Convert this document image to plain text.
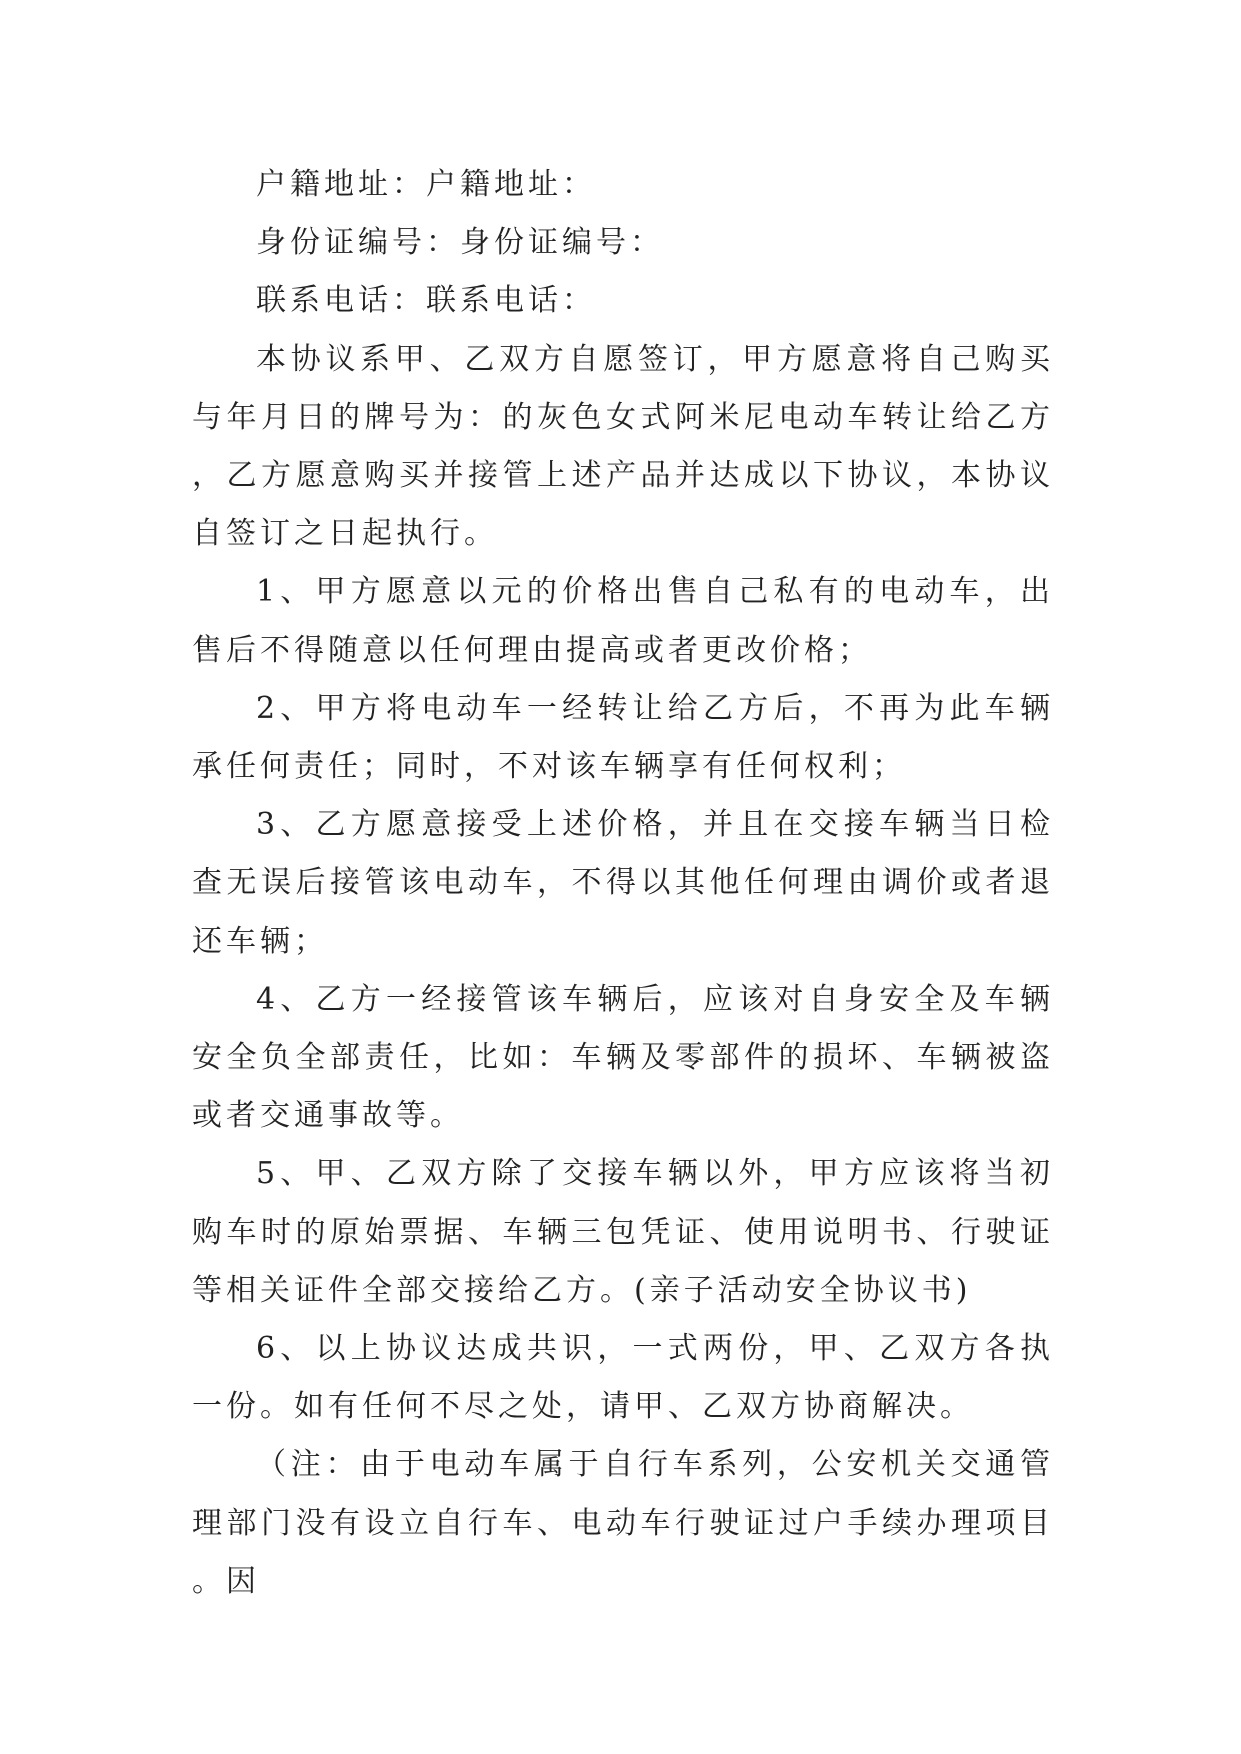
户籍地址：户籍地址：

身份证编号：身份证编号：

联系电话：联系电话：

本协议系甲、乙双方自愿签订，甲方愿意将自己购买与年月日的牌号为：的灰色女式阿米尼电动车转让给乙方，乙方愿意购买并接管上述产品并达成以下协议，本协议自签订之日起执行。

1、甲方愿意以元的价格出售自己私有的电动车，出售后不得随意以任何理由提高或者更改价格；

2、甲方将电动车一经转让给乙方后，不再为此车辆承任何责任；同时，不对该车辆享有任何权利；

3、乙方愿意接受上述价格，并且在交接车辆当日检查无误后接管该电动车，不得以其他任何理由调价或者退还车辆；

4、乙方一经接管该车辆后，应该对自身安全及车辆安全负全部责任，比如：车辆及零部件的损坏、车辆被盗或者交通事故等。

5、甲、乙双方除了交接车辆以外，甲方应该将当初购车时的原始票据、车辆三包凭证、使用说明书、行驶证等相关证件全部交接给乙方。(亲子活动安全协议书)

6、以上协议达成共识，一式两份，甲、乙双方各执一份。如有任何不尽之处，请甲、乙双方协商解决。

（注：由于电动车属于自行车系列，公安机关交通管理部门没有设立自行车、电动车行驶证过户手续办理项目。因
